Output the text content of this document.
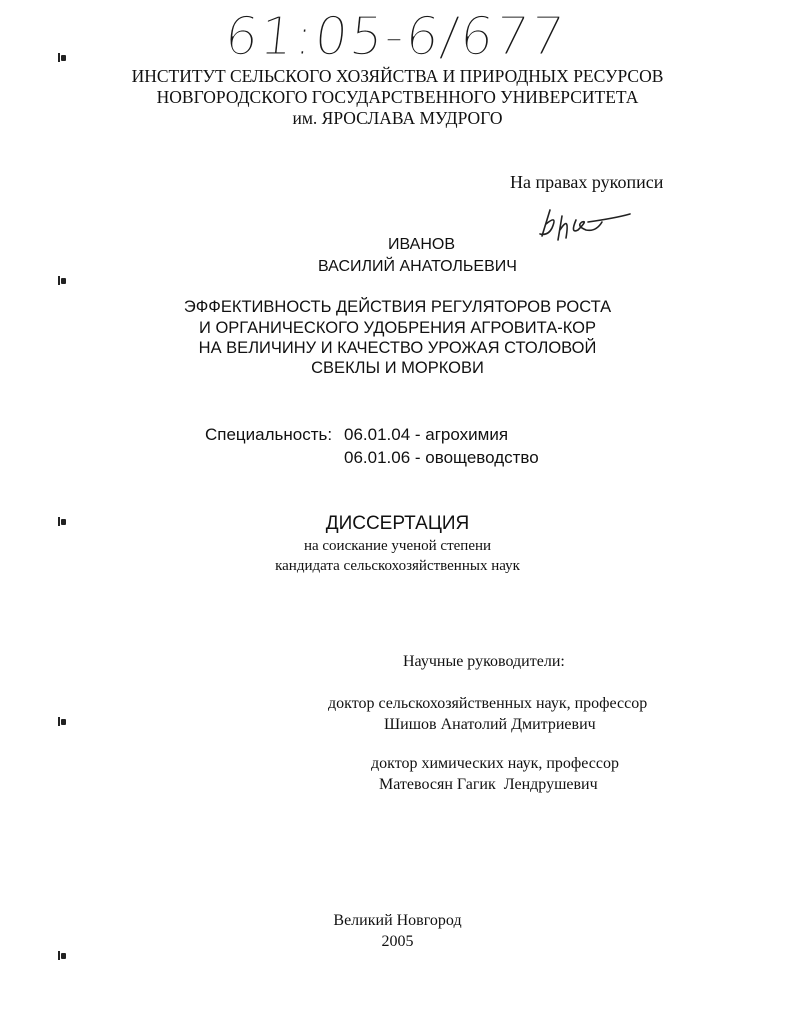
61:05-6/677
ИНСТИТУТ СЕЛЬСКОГО ХОЗЯЙСТВА И ПРИРОДНЫХ РЕСУРСОВ
НОВГОРОДСКОГО ГОСУДАРСТВЕННОГО УНИВЕРСИТЕТА
им. ЯРОСЛАВА МУДРОГО
На правах рукописи
ИВАНОВ
ВАСИЛИЙ АНАТОЛЬЕВИЧ
ЭФФЕКТИВНОСТЬ ДЕЙСТВИЯ РЕГУЛЯТОРОВ РОСТА
И ОРГАНИЧЕСКОГО УДОБРЕНИЯ АГРОВИТА-КОР
НА ВЕЛИЧИНУ И КАЧЕСТВО УРОЖАЯ СТОЛОВОЙ
СВЕКЛЫ И МОРКОВИ
Специальность: 06.01.04 - агрохимия
06.01.06 - овощеводство
ДИССЕРТАЦИЯ
на соискание ученой степени
кандидата сельскохозяйственных наук
Научные руководители:
доктор сельскохозяйственных наук, профессор
Шишов Анатолий Дмитриевич
доктор химических наук, профессор
Матевосян Гагик  Лендрушевич
Великий Новгород
2005
